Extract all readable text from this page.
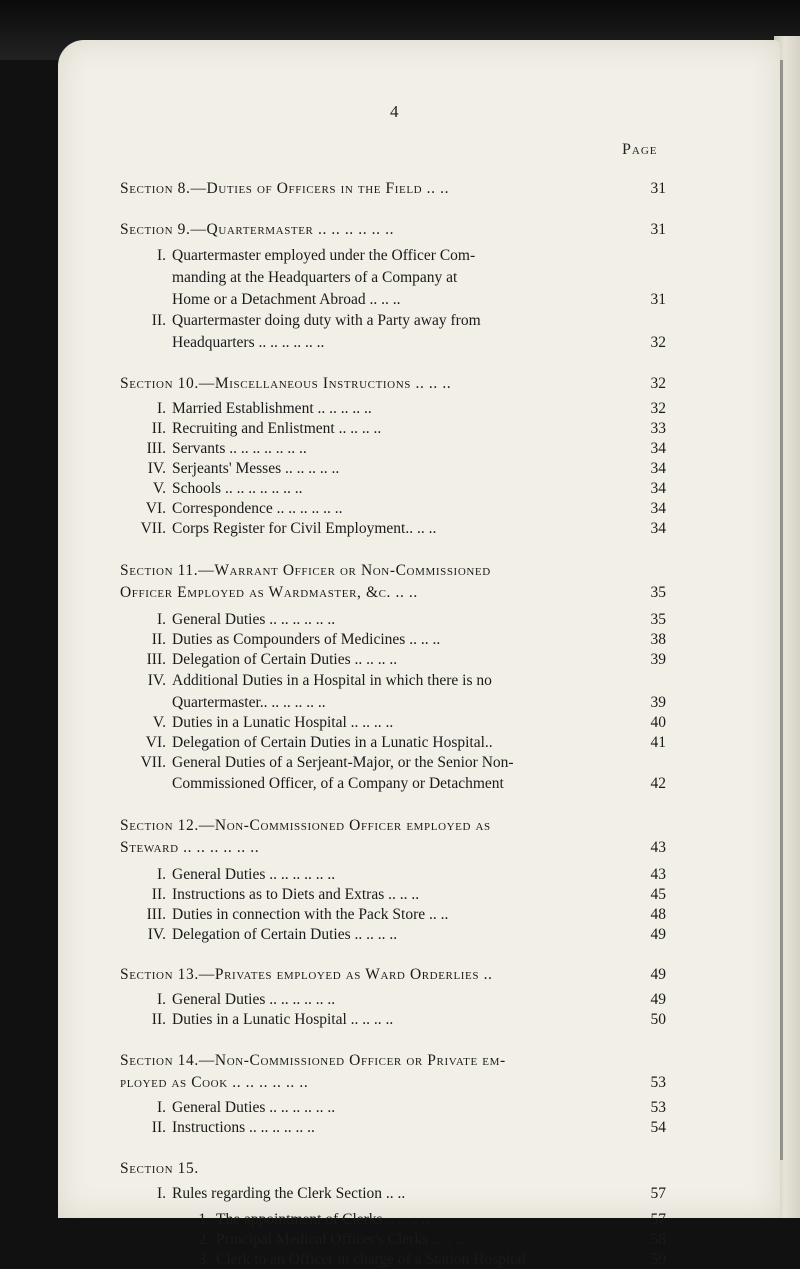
4
Page
Section 8.—Duties of Officers in the Field .. ..	31
Section 9.—Quartermaster .. .. .. .. .. ..	31
I. Quartermaster employed under the Officer Com-
manding at the Headquarters of a Company at
Home or a Detachment Abroad .. .. ..	31
II. Quartermaster doing duty with a Party away from
Headquarters .. .. .. .. .. ..	32
Section 10.—Miscellaneous Instructions .. .. ..	32
I. Married Establishment .. .. .. .. ..	32
II. Recruiting and Enlistment .. .. .. ..	33
III. Servants .. .. .. .. .. .. ..	34
IV. Serjeants' Messes .. .. .. .. ..	34
V. Schools .. .. .. .. .. .. ..	34
VI. Correspondence .. .. .. .. .. ..	34
VII. Corps Register for Civil Employment.. .. ..	34
Section 11.—Warrant Officer or Non-Commissioned
Officer Employed as Wardmaster, &c. .. ..	35
I. General Duties .. .. .. .. .. ..	35
II. Duties as Compounders of Medicines .. .. ..	38
III. Delegation of Certain Duties .. .. .. ..	39
IV. Additional Duties in a Hospital in which there is no
Quartermaster.. .. .. .. .. ..	39
V. Duties in a Lunatic Hospital .. .. .. ..	40
VI. Delegation of Certain Duties in a Lunatic Hospital..	41
VII. General Duties of a Serjeant-Major, or the Senior Non-
Commissioned Officer, of a Company or Detachment	42
Section 12.—Non-Commissioned Officer employed as
Steward .. .. .. .. .. ..	43
I. General Duties .. .. .. .. .. ..	43
II. Instructions as to Diets and Extras .. .. ..	45
III. Duties in connection with the Pack Store .. ..	48
IV. Delegation of Certain Duties .. .. .. ..	49
Section 13.—Privates employed as Ward Orderlies ..	49
I. General Duties .. .. .. .. .. ..	49
II. Duties in a Lunatic Hospital .. .. .. ..	50
Section 14.—Non-Commissioned Officer or Private em-
ployed as Cook .. .. .. .. .. ..	53
I. General Duties .. .. .. .. .. ..	53
II. Instructions .. .. .. .. .. ..	54
Section 15.
I. Rules regarding the Clerk Section .. ..	57
1. The appointment of Clerks .. .. .. ..	57
2. Principal Medical Officer's Clerks .. .. ..	58
3. Clerk to an Officer in charge of a Station Hospital	59
